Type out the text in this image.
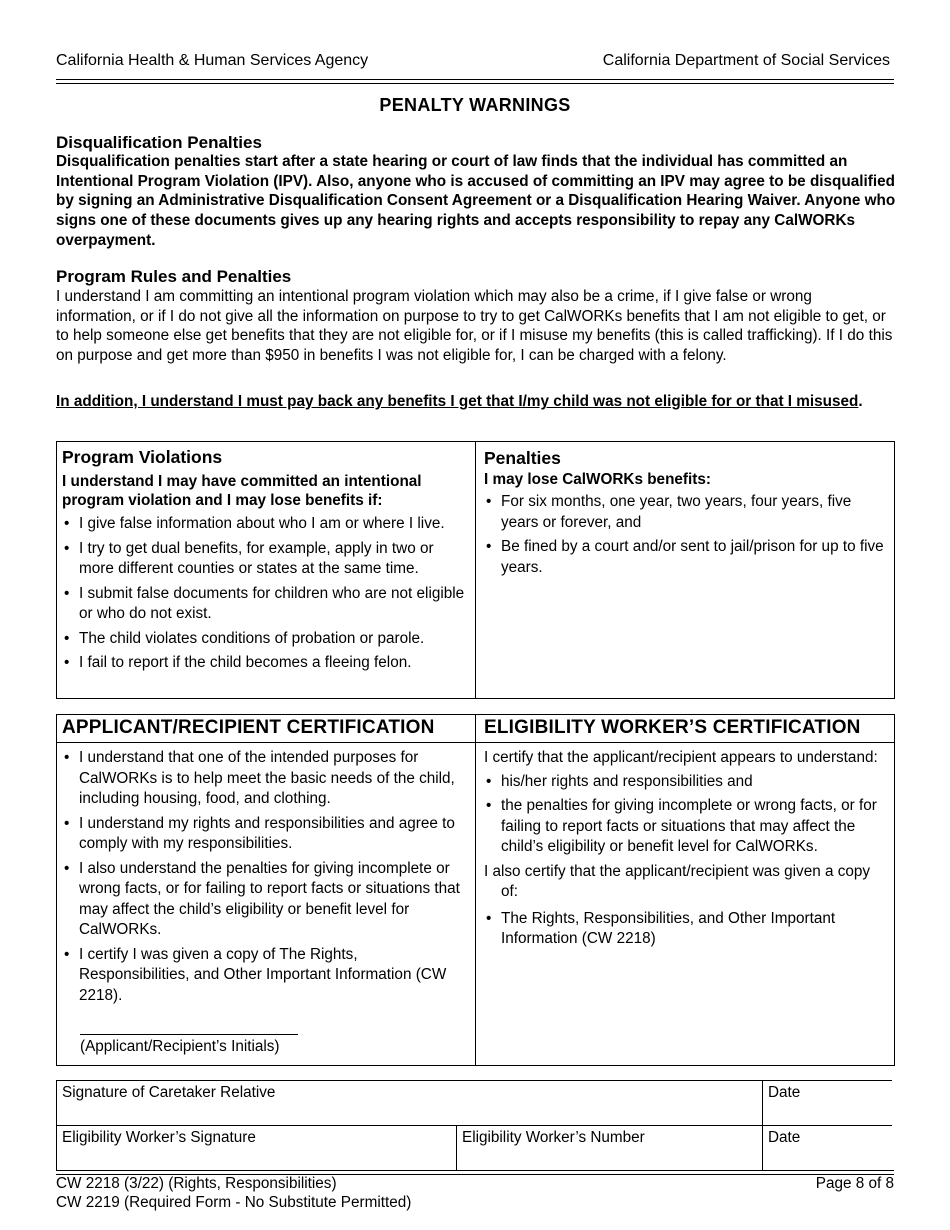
California Health & Human Services Agency	California Department of Social Services
PENALTY WARNINGS
Disqualification Penalties
Disqualification penalties start after a state hearing or court of law finds that the individual has committed an Intentional Program Violation (IPV). Also, anyone who is accused of committing an IPV may agree to be disqualified by signing an Administrative Disqualification Consent Agreement or a Disqualification Hearing Waiver. Anyone who signs one of these documents gives up any hearing rights and accepts responsibility to repay any CalWORKs overpayment.
Program Rules and Penalties
I understand I am committing an intentional program violation which may also be a crime, if I give false or wrong information, or if I do not give all the information on purpose to try to get CalWORKs benefits that I am not eligible to get, or to help someone else get benefits that they are not eligible for, or if I misuse my benefits (this is called trafficking). If I do this on purpose and get more than $950 in benefits I was not eligible for, I can be charged with a felony.
In addition, I understand I must pay back any benefits I get that I/my child was not eligible for or that I misused.
Program Violations
I understand I may have committed an intentional program violation and I may lose benefits if:
• I give false information about who I am or where I live.
• I try to get dual benefits, for example, apply in two or more different counties or states at the same time.
• I submit false documents for children who are not eligible or who do not exist.
• The child violates conditions of probation or parole.
• I fail to report if the child becomes a fleeing felon.
Penalties
I may lose CalWORKs benefits:
• For six months, one year, two years, four years, five years or forever, and
• Be fined by a court and/or sent to jail/prison for up to five years.
APPLICANT/RECIPIENT CERTIFICATION	ELIGIBILITY WORKER’S CERTIFICATION
• I understand that one of the intended purposes for CalWORKs is to help meet the basic needs of the child, including housing, food, and clothing.
• I understand my rights and responsibilities and agree to comply with my responsibilities.
• I also understand the penalties for giving incomplete or wrong facts, or for failing to report facts or situations that may affect the child’s eligibility or benefit level for CalWORKs.
• I certify I was given a copy of The Rights, Responsibilities, and Other Important Information (CW 2218).
(Applicant/Recipient’s Initials)
I certify that the applicant/recipient appears to understand:
• his/her rights and responsibilities and
• the penalties for giving incomplete or wrong facts, or for failing to report facts or situations that may affect the child’s eligibility or benefit level for CalWORKs.
I also certify that the applicant/recipient was given a copy of:
• The Rights, Responsibilities, and Other Important Information (CW 2218)
Signature of Caretaker Relative	Date
Eligibility Worker’s Signature	Eligibility Worker’s Number	Date
CW 2218 (3/22) (Rights, Responsibilities)
CW 2219 (Required Form - No Substitute Permitted)
Page 8 of 8
